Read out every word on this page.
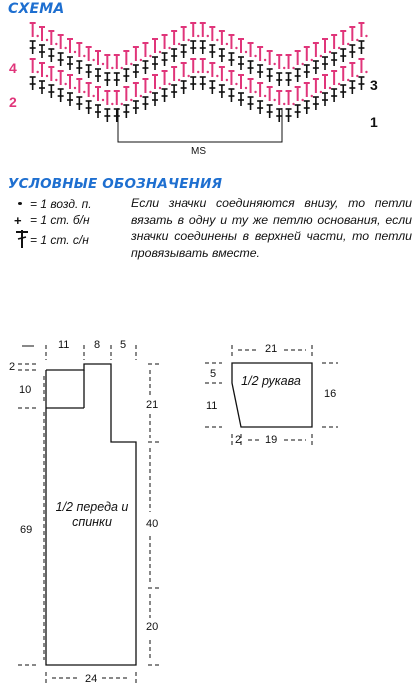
СХЕМА
4
2
3
1
MS
УСЛОВНЫЕ ОБОЗНАЧЕНИЯ
= 1 возд. п.
+ = 1 ст. б/н
= 1 ст. с/н
Если значки соединяются внизу, то петли вязать в одну и ту же петлю основания, если значки соединены в верхней части, то петли провязывать вместе.
11 8 5
2
10
69
21
40
20
24
1/2 переда и спинки
21
5
11
16
2 19
1/2 рукава
